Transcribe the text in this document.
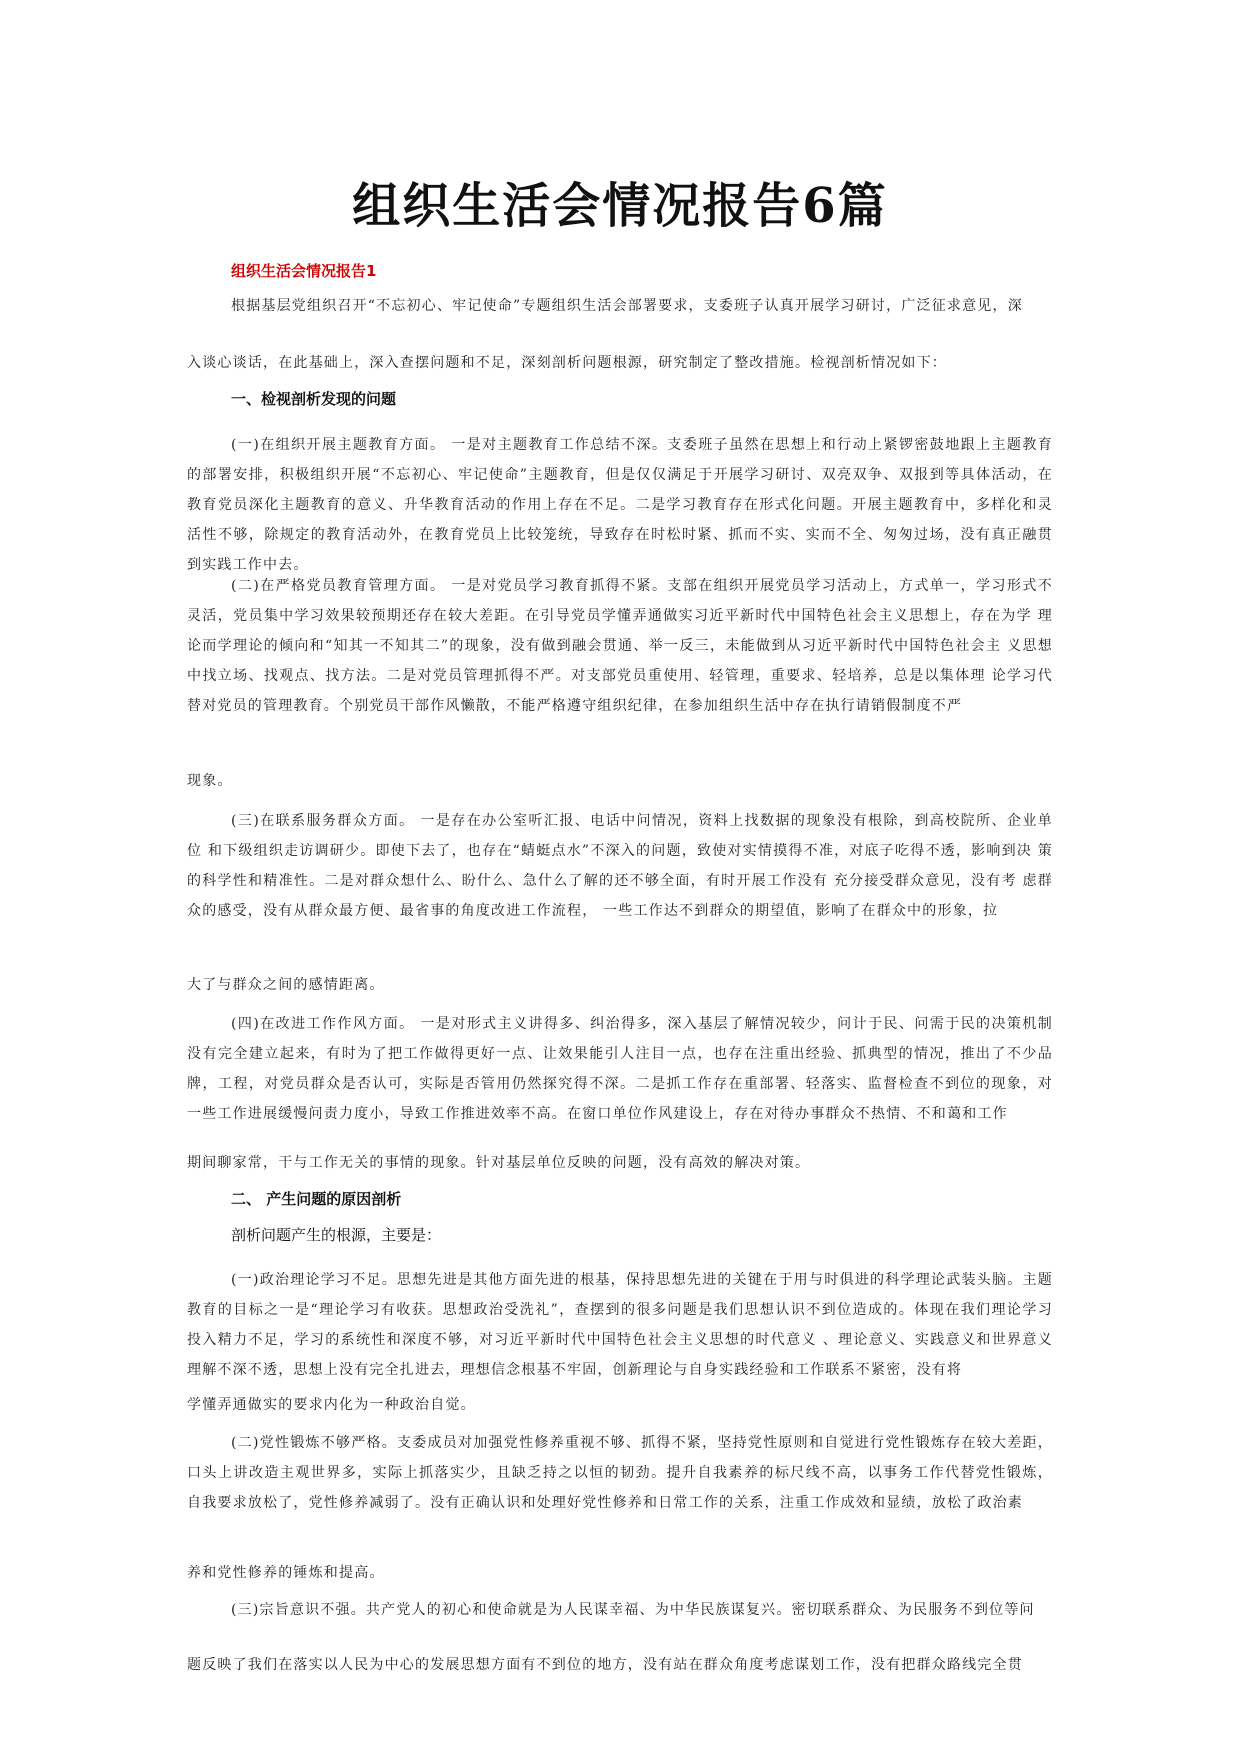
组织生活会情况报告6篇
组织生活会情况报告1
根据基层党组织召开“不忘初心、牢记使命”专题组织生活会部署要求，支委班子认真开展学习研讨，广泛征求意见，深
入谈心谈话，在此基础上，深入查摆问题和不足，深刻剖析问题根源，研究制定了整改措施。检视剖析情况如下：
一、检视剖析发现的问题
(一)在组织开展主题教育方面。 一是对主题教育工作总结不深。支委班子虽然在思想上和行动上紧锣密鼓地跟上主题教育的部署安排，积极组织开展“不忘初心、牢记使命”主题教育，但是仅仅满足于开展学习研讨、双亮双争、双报到等具体活动，在教育党员深化主题教育的意义、升华教育活动的作用上存在不足。二是学习教育存在形式化问题。开展主题教育中，多样化和灵活性不够，除规定的教育活动外，在教育党员上比较笼统，导致存在时松时紧、抓而不实、实而不全、匆匆过场，没有真正融贯到实践工作中去。
(二)在严格党员教育管理方面。 一是对党员学习教育抓得不紧。支部在组织开展党员学习活动上，方式单一，学习形式不 灵活，党员集中学习效果较预期还存在较大差距。在引导党员学懂弄通做实习近平新时代中国特色社会主义思想上，存在为学 理论而学理论的倾向和“知其一不知其二”的现象，没有做到融会贯通、举一反三，未能做到从习近平新时代中国特色社会主 义思想中找立场、找观点、找方法。二是对党员管理抓得不严。对支部党员重使用、轻管理，重要求、轻培养，总是以集体理 论学习代替对党员的管理教育。个别党员干部作风懒散，不能严格遵守组织纪律，在参加组织生活中存在执行请销假制度不严
现象。
(三)在联系服务群众方面。 一是存在办公室听汇报、电话中问情况，资料上找数据的现象没有根除，到高校院所、企业单位 和下级组织走访调研少。即使下去了，也存在“蜻蜓点水”不深入的问题，致使对实情摸得不准，对底子吃得不透，影响到决 策的科学性和精准性。二是对群众想什么、盼什么、急什么了解的还不够全面，有时开展工作没有 充分接受群众意见，没有考 虑群众的感受，没有从群众最方便、最省事的角度改进工作流程， 一些工作达不到群众的期望值，影响了在群众中的形象，拉
大了与群众之间的感情距离。
(四)在改进工作作风方面。 一是对形式主义讲得多、纠治得多，深入基层了解情况较少，问计于民、问需于民的决策机制没有完全建立起来，有时为了把工作做得更好一点、让效果能引人注目一点，也存在注重出经验、抓典型的情况，推出了不少品牌，工程，对党员群众是否认可，实际是否管用仍然探究得不深。二是抓工作存在重部署、轻落实、监督检查不到位的现象，对一些工作进展缓慢问责力度小，导致工作推进效率不高。在窗口单位作风建设上，存在对待办事群众不热情、不和蔼和工作
期间聊家常，干与工作无关的事情的现象。针对基层单位反映的问题，没有高效的解决对策。
二、 产生问题的原因剖析
剖析问题产生的根源，主要是：
(一)政治理论学习不足。思想先进是其他方面先进的根基，保持思想先进的关键在于用与时俱进的科学理论武装头脑。主题教育的目标之一是“理论学习有收获。思想政治受洗礼”，查摆到的很多问题是我们思想认识不到位造成的。体现在我们理论学习投入精力不足，学习的系统性和深度不够，对习近平新时代中国特色社会主义思想的时代意义 、理论意义、实践意义和世界意义理解不深不透，思想上没有完全扎进去，理想信念根基不牢固，创新理论与自身实践经验和工作联系不紧密，没有将
学懂弄通做实的要求内化为一种政治自觉。
(二)党性锻炼不够严格。支委成员对加强党性修养重视不够、抓得不紧，坚持党性原则和自觉进行党性锻炼存在较大差距， 口头上讲改造主观世界多，实际上抓落实少，且缺乏持之以恒的韧劲。提升自我素养的标尺线不高，以事务工作代替党性锻炼， 自我要求放松了，党性修养减弱了。没有正确认识和处理好党性修养和日常工作的关系，注重工作成效和显绩，放松了政治素
养和党性修养的锤炼和提高。
(三)宗旨意识不强。共产党人的初心和使命就是为人民谋幸福、为中华民族谋复兴。密切联系群众、为民服务不到位等问
题反映了我们在落实以人民为中心的发展思想方面有不到位的地方，没有站在群众角度考虑谋划工作，没有把群众路线完全贯
